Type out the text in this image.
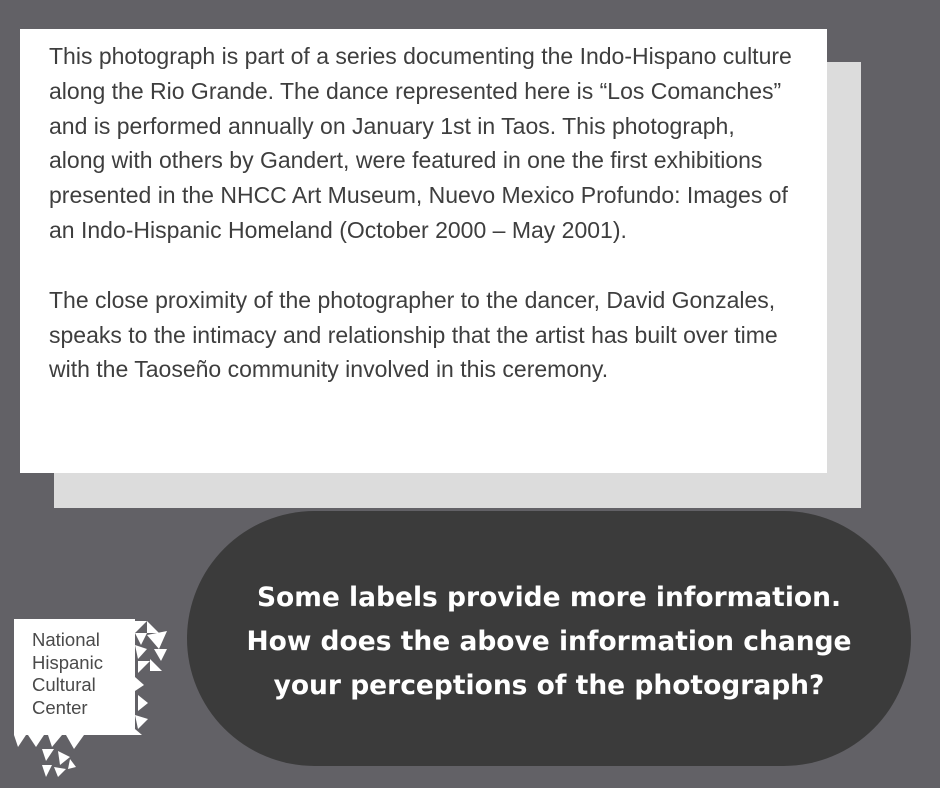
This photograph is part of a series documenting the Indo-Hispano culture along the Rio Grande. The dance represented here is “Los Comanches” and is performed annually on January 1st in Taos. This photograph, along with others by Gandert, were featured in one the first exhibitions presented in the NHCC Art Museum, Nuevo Mexico Profundo: Images of an Indo-Hispanic Homeland (October 2000 – May 2001).

The close proximity of the photographer to the dancer, David Gonzales, speaks to the intimacy and relationship that the artist has built over time with the Taoseño community involved in this ceremony.

Some labels provide more information. How does the above information change your perceptions of the photograph?
National
Hispanic
Cultural
Center
